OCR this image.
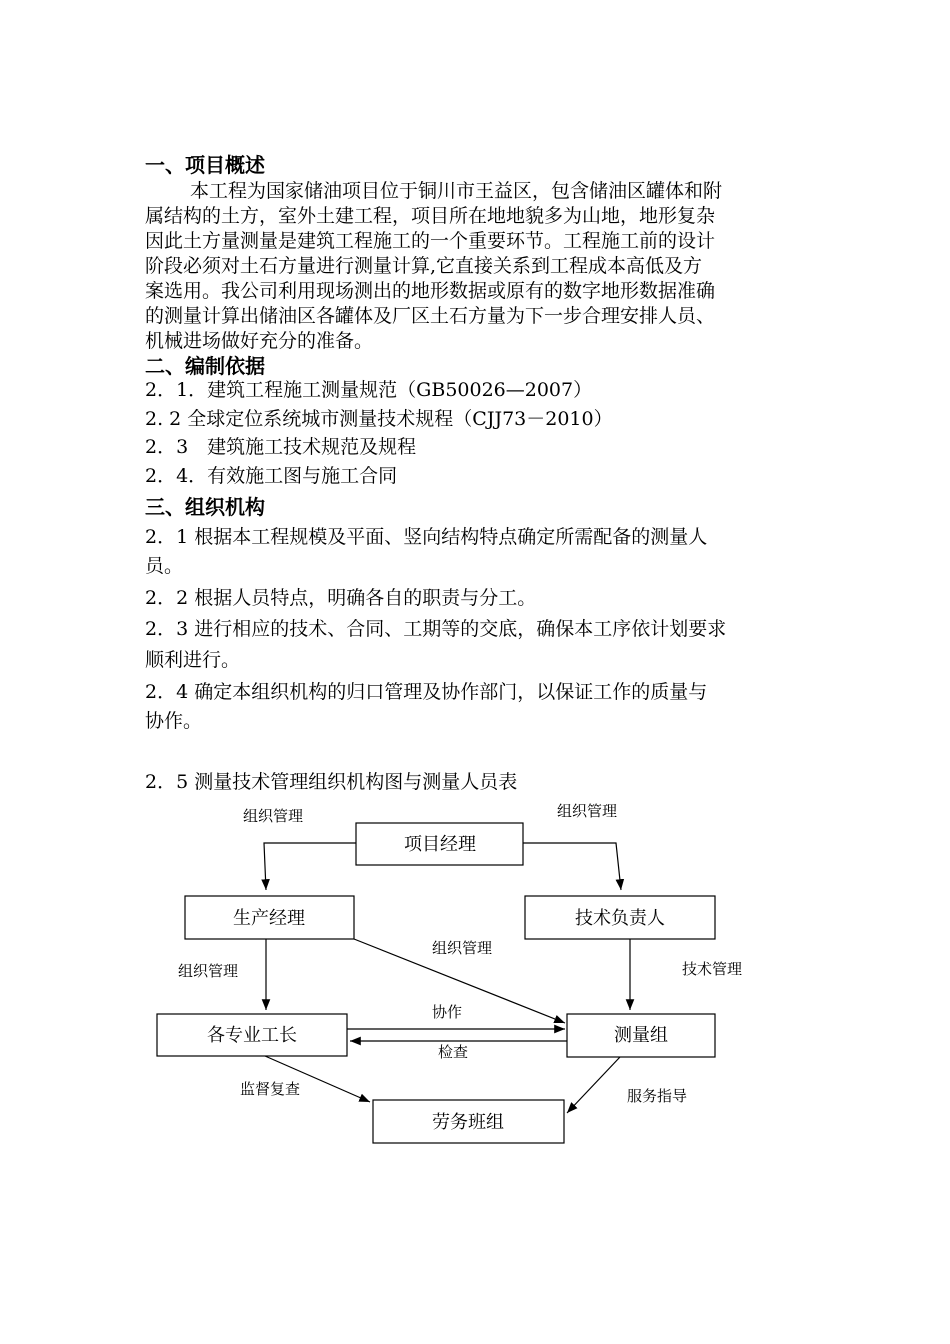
一、项目概述
本工程为国家储油项目位于铜川市王益区，包含储油区罐体和附
属结构的土方，室外土建工程，项目所在地地貌多为山地，地形复杂
因此土方量测量是建筑工程施工的一个重要环节。工程施工前的设计
阶段必须对土石方量进行测量计算,它直接关系到工程成本高低及方
案选用。我公司利用现场测出的地形数据或原有的数字地形数据准确
的测量计算出储油区各罐体及厂区土石方量为下一步合理安排人员、
机械进场做好充分的准备。
二、编制依据
2．1．建筑工程施工测量规范（GB50026—2007）
2. 2 全球定位系统城市测量技术规程（CJJ73－2010）
2．3　建筑施工技术规范及规程
2．4．有效施工图与施工合同
三、组织机构
2．1 根据本工程规模及平面、竖向结构特点确定所需配备的测量人
员。
2．2 根据人员特点，明确各自的职责与分工。
2．3 进行相应的技术、合同、工期等的交底，确保本工序依计划要求
顺利进行。
2．4 确定本组织机构的归口管理及协作部门，以保证工作的质量与
协作。
2．5 测量技术管理组织机构图与测量人员表
项目经理
生产经理	技术负责人
各专业工长	测量组
劳务班组
组织管理	组织管理
组织管理
组织管理	技术管理
协作
检查
监督复查	服务指导
